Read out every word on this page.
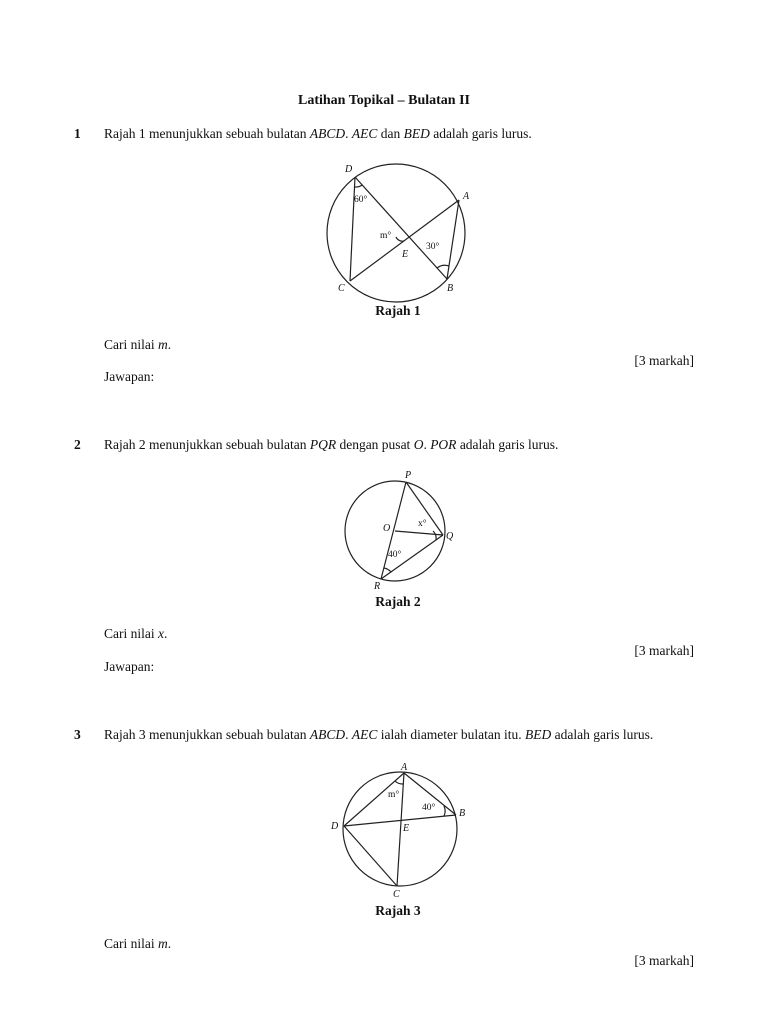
Latihan Topikal – Bulatan II
1 Rajah 1 menunjukkan sebuah bulatan ABCD. AEC dan BED adalah garis lurus.
D
A
C	B
E
60°
m°
30°
Rajah 1
Cari nilai m.
[3 markah]
Jawapan:
2 Rajah 2 menunjukkan sebuah bulatan PQR dengan pusat O. POR adalah garis lurus.
P
O
Q
R
x°
40°
Rajah 2
Cari nilai x.
[3 markah]
Jawapan:
3 Rajah 3 menunjukkan sebuah bulatan ABCD. AEC ialah diameter bulatan itu. BED adalah garis lurus.
A
B
D	E
C
m°
40°
Rajah 3
Cari nilai m.
[3 markah]
